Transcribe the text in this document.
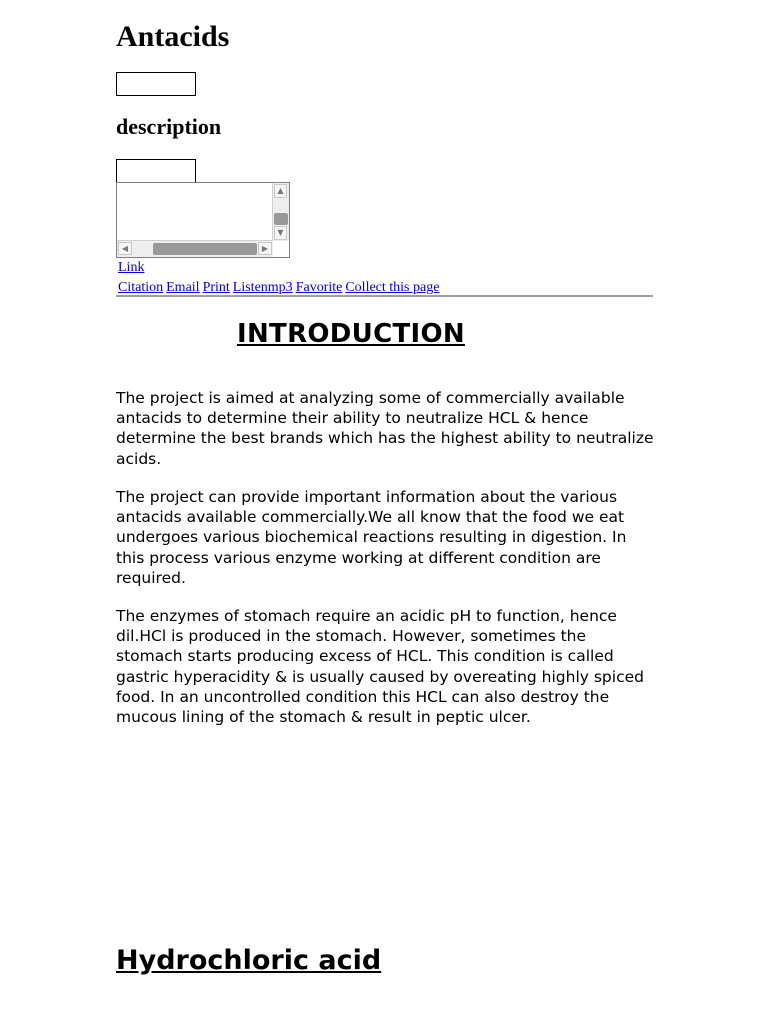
Antacids
description
▲
▼
◀	▶
Link
Citation Email Print Listenmp3 Favorite Collect this page
INTRODUCTION

The project is aimed at analyzing some of commercially available antacids to determine their ability to neutralize HCL & hence determine the best brands which has the highest ability to neutralize acids.

The project can provide important information about the various antacids available commercially.We all know that the food we eat undergoes various biochemical reactions resulting in digestion. In this process various enzyme working at different condition are required.

The enzymes of stomach require an acidic pH to function, hence dil.HCl is produced in the stomach. However, sometimes the stomach starts producing excess of HCL. This condition is called gastric hyperacidity & is usually caused by overeating highly spiced food. In an uncontrolled condition this HCL can also destroy the mucous lining of the stomach & result in peptic ulcer.

Hydrochloric acid
